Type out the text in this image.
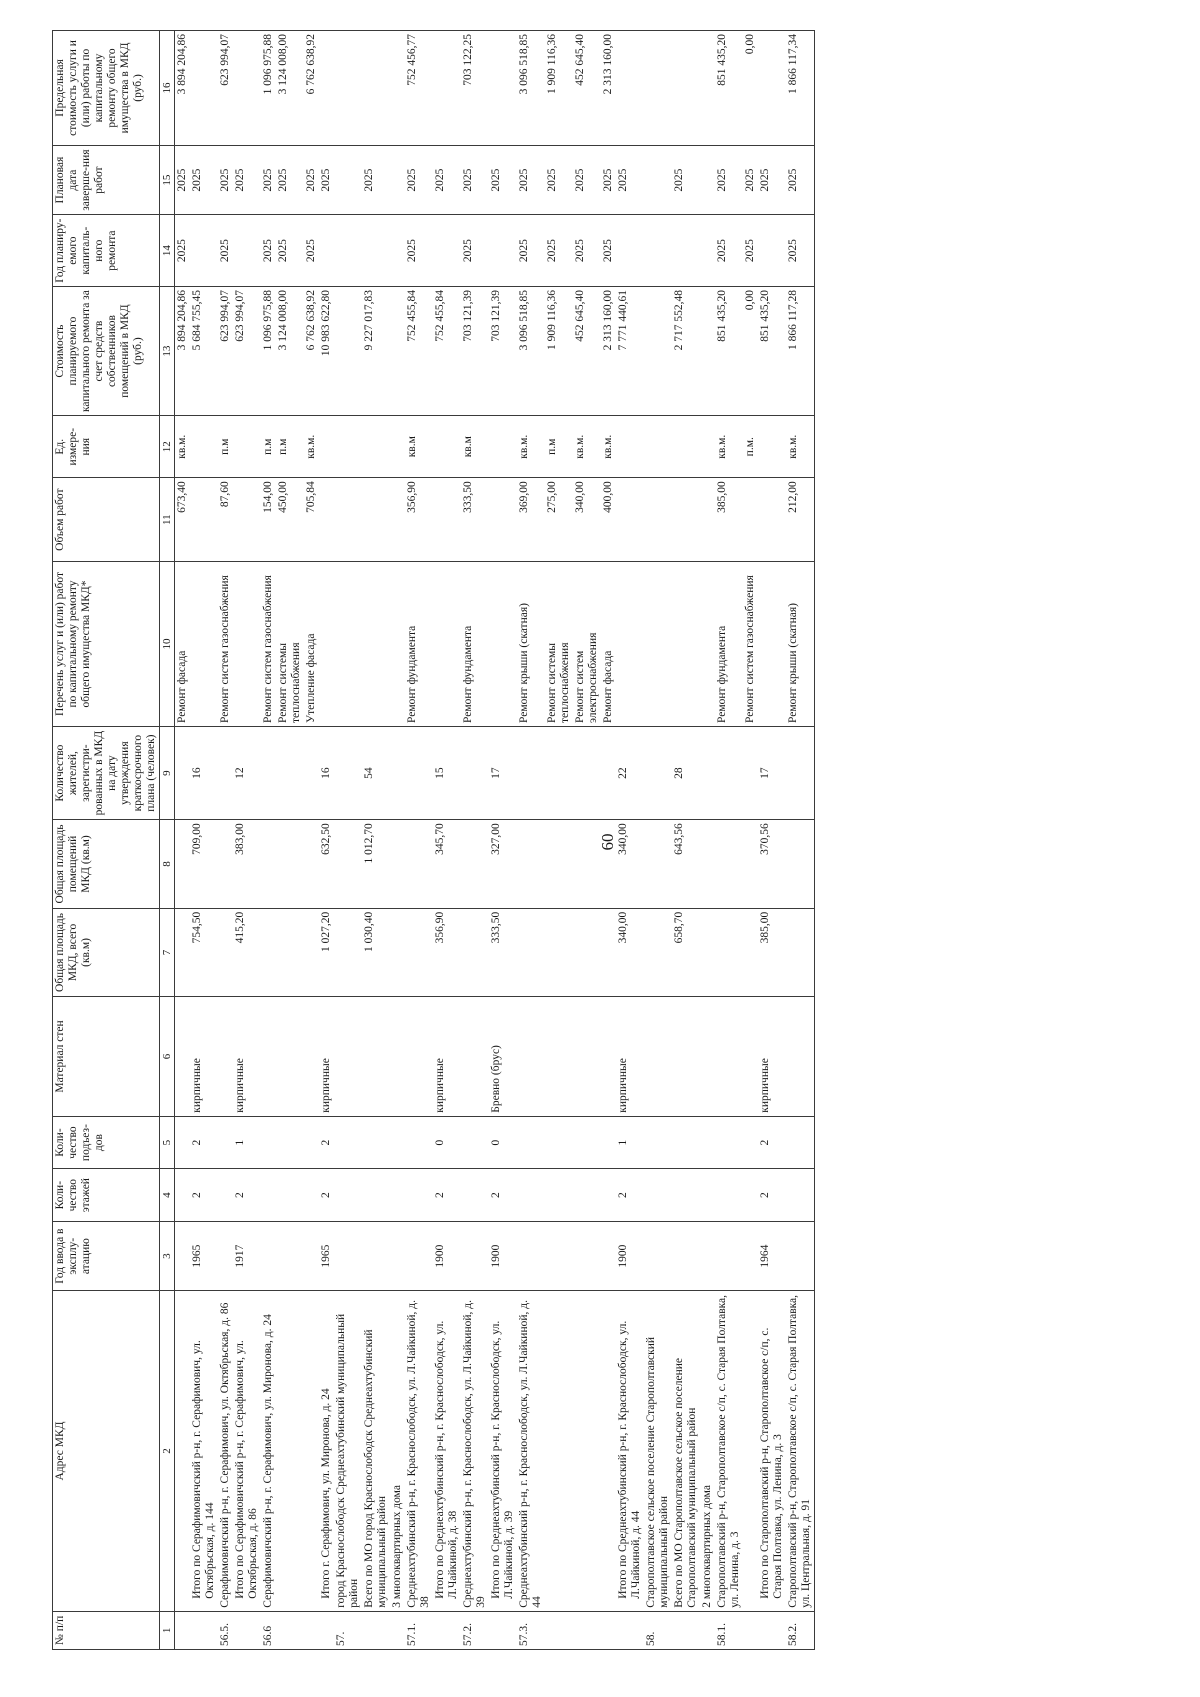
60
№ п/п	Адрес МКД	Год ввода в эксплу-атацию	Коли-чество этажей	Коли-чество подъез-дов	Материал стен	Общая площадь МКД, всего (кв.м)	Общая площадь помещений МКД (кв.м)	Количество жителей, зарегистри-рованных в МКД на дату утверждения краткосрочного плана (человек)	Перечень услуг и (или) работ по капитальному ремонту общего имущества МКД*	Объем работ	Ед. измере-ния	Стоимость планируемого капитального ремонта за счет средств собственников помещений в МКД (руб.)	Год планиру-емого капиталь-ного ремонта	Плановая дата заверше-ния работ	Предельная стоимость услуги и (или) работы по капитальному ремонту общего имущества в МКД (руб.)
1	2	3	4	5	6	7	8	9	10	11	12	13	14	15	16
									Ремонт фасада	673,40	кв.м.	3 894 204,86	2025	2025	3 894 204,86
	Итого по Серафимовичский р-н, г. Серафимович, ул. Октябрьская, д. 144	1965	2	2	кирпичные	754,50	709,00	16				5 684 755,45		2025	
56.5.	Серафимовичский р-н, г. Серафимович, ул. Октябрьская, д. 86								Ремонт систем газоснабжения	87,60	п.м	623 994,07	2025	2025	623 994,07
	Итого по Серафимовичский р-н, г. Серафимович, ул. Октябрьская, д. 86	1917	2	1	кирпичные	415,20	383,00	12				623 994,07		2025	
56.6	Серафимовичский р-н, г. Серафимович, ул. Миронова, д. 24								Ремонт систем газоснабжения	154,00	п.м	1 096 975,88	2025	2025	1 096 975,88
									Ремонт системы теплоснабжения	450,00	п.м	3 124 008,00	2025	2025	3 124 008,00
									Утепление фасада	705,84	кв.м.	6 762 638,92	2025	2025	6 762 638,92
	Итого г. Серафимович, ул. Миронова, д. 24	1965	2	2	кирпичные	1 027,20	632,50	16				10 983 622,80		2025	
57.	город Краснослободск Среднеахтубинский муниципальный район														
	Всего по МО город Краснослободск Среднеахтубинский муниципальный район					1 030,40	1 012,70	54				9 227 017,83		2025	
	3 многоквартирных дома														
57.1.	Среднеахтубинский р-н, г. Краснослободск, ул. Л.Чайкиной, д. 38								Ремонт фундамента	356,90	кв.м	752 455,84	2025	2025	752 456,77
	Итого по Среднеахтубинский р-н, г. Краснослободск, ул. Л.Чайкиной, д. 38	1900	2	0	кирпичные	356,90	345,70	15				752 455,84		2025	
57.2.	Среднеахтубинский р-н, г. Краснослободск, ул. Л.Чайкиной, д. 39								Ремонт фундамента	333,50	кв.м	703 121,39	2025	2025	703 122,25
	Итого по Среднеахтубинский р-н, г. Краснослободск, ул. Л.Чайкиной, д. 39	1900	2	0	Бревно (брус)	333,50	327,00	17				703 121,39		2025	
57.3.	Среднеахтубинский р-н, г. Краснослободск, ул. Л.Чайкиной, д. 44								Ремонт крыши (скатная)	369,00	кв.м.	3 096 518,85	2025	2025	3 096 518,85
									Ремонт системы теплоснабжения	275,00	п.м	1 909 116,36	2025	2025	1 909 116,36
									Ремонт систем электроснабжения	340,00	кв.м.	452 645,40	2025	2025	452 645,40
									Ремонт фасада	400,00	кв.м.	2 313 160,00	2025	2025	2 313 160,00
	Итого по Среднеахтубинский р-н, г. Краснослободск, ул. Л.Чайкиной, д. 44	1900	2	1	кирпичные	340,00	340,00	22				7 771 440,61		2025	
58.	Старополтавское сельское поселение Старополтавский муниципальный район														
	Всего по МО Старополтавское сельское поселение Старополтавский муниципальный район					658,70	643,56	28				2 717 552,48		2025	
	2 многоквартирных дома														
58.1.	Старополтавский р-н, Старополтавское с/п, с. Старая Полтавка, ул. Ленина, д. 3								Ремонт фундамента	385,00	кв.м.	851 435,20	2025	2025	851 435,20
									Ремонт систем газоснабжения		п.м.	0,00	2025	2025	0,00
	Итого по Старополтавский р-н, Старополтавское с/п, с. Старая Полтавка, ул. Ленина, д. 3	1964	2	2	кирпичные	385,00	370,56	17				851 435,20		2025	
58.2.	Старополтавский р-н, Старополтавское с/п, с. Старая Полтавка, ул. Центральная, д. 91								Ремонт крыши (скатная)	212,00	кв.м.	1 866 117,28	2025	2025	1 866 117,34
